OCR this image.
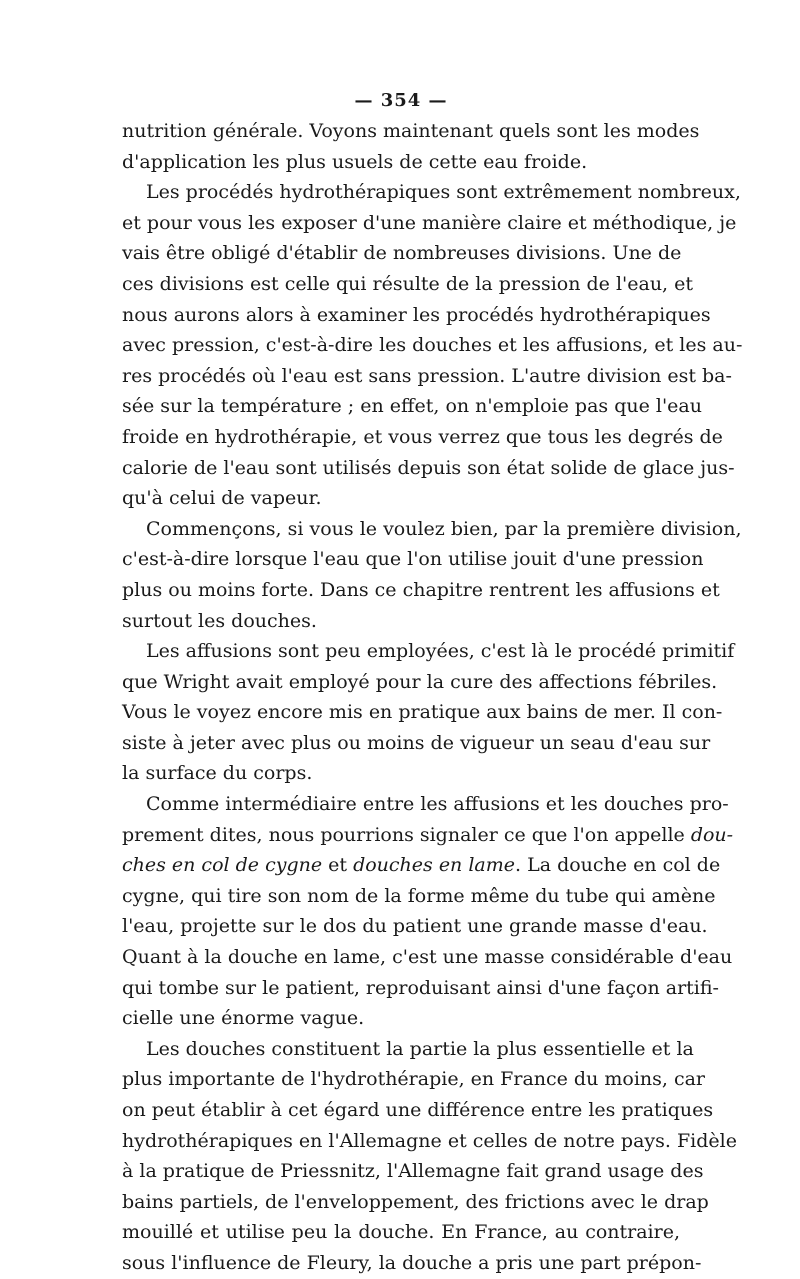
— 354 —
nutrition générale. Voyons maintenant quels sont les modes
d'application les plus usuels de cette eau froide.
Les procédés hydrothérapiques sont extrêmement nombreux,
et pour vous les exposer d'une manière claire et méthodique, je
vais être obligé d'établir de nombreuses divisions. Une de
ces divisions est celle qui résulte de la pression de l'eau, et
nous aurons alors à examiner les procédés hydrothérapiques
avec pression, c'est-à-dire les douches et les affusions, et les au-
res procédés où l'eau est sans pression. L'autre division est ba-
sée sur la température ; en effet, on n'emploie pas que l'eau
froide en hydrothérapie, et vous verrez que tous les degrés de
calorie de l'eau sont utilisés depuis son état solide de glace jus-
qu'à celui de vapeur.
Commençons, si vous le voulez bien, par la première division,
c'est-à-dire lorsque l'eau que l'on utilise jouit d'une pression
plus ou moins forte. Dans ce chapitre rentrent les affusions et
surtout les douches.
Les affusions sont peu employées, c'est là le procédé primitif
que Wright avait employé pour la cure des affections fébriles.
Vous le voyez encore mis en pratique aux bains de mer. Il con-
siste à jeter avec plus ou moins de vigueur un seau d'eau sur
la surface du corps.
Comme intermédiaire entre les affusions et les douches pro-
prement dites, nous pourrions signaler ce que l'on appelle dou-
ches en col de cygne et douches en lame. La douche en col de
cygne, qui tire son nom de la forme même du tube qui amène
l'eau, projette sur le dos du patient une grande masse d'eau.
Quant à la douche en lame, c'est une masse considérable d'eau
qui tombe sur le patient, reproduisant ainsi d'une façon artifi-
cielle une énorme vague.
Les douches constituent la partie la plus essentielle et la
plus importante de l'hydrothérapie, en France du moins, car
on peut établir à cet égard une différence entre les pratiques
hydrothérapiques en l'Allemagne et celles de notre pays. Fidèle
à la pratique de Priessnitz, l'Allemagne fait grand usage des
bains partiels, de l'enveloppement, des frictions avec le drap
mouillé et utilise peu la douche. En France, au contraire,
sous l'influence de Fleury, la douche a pris une part prépon-
